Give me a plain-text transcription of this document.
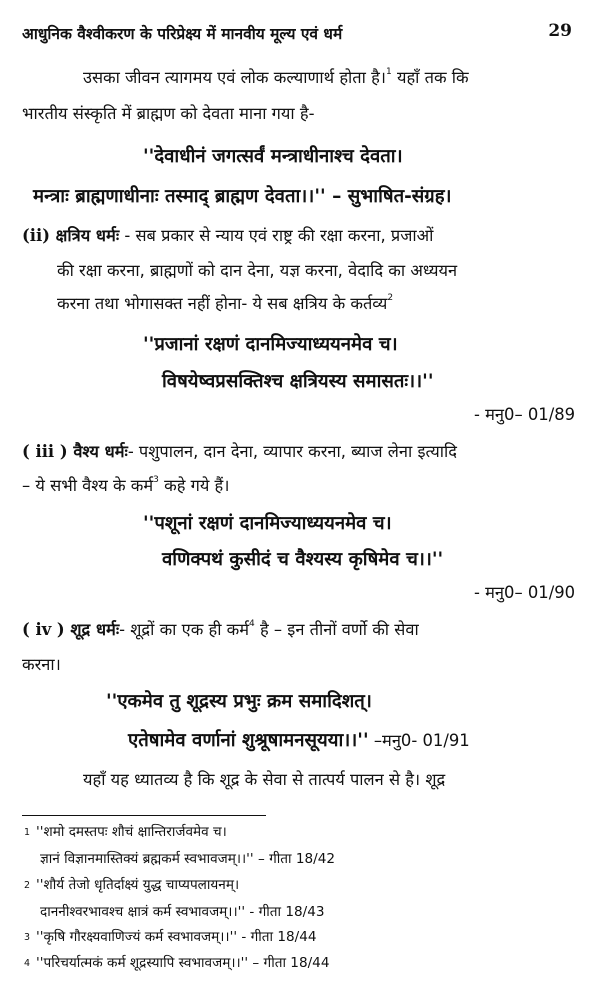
आधुनिक वैश्वीकरण के परिप्रेक्ष्य में मानवीय मूल्य एवं धर्म	29
उसका जीवन त्यागमय एवं लोक कल्याणार्थ होता है।$^1$ यहाँ तक कि
भारतीय संस्कृति में ब्राह्मण को देवता माना गया है-
''देवाधीनं जगत्सर्वं मन्त्राधीनाश्च देवता।
मन्त्राः ब्राह्मणाधीनाः तस्माद् ब्राह्मण देवता।।'' – सुभाषित-संग्रह।
(ii) क्षत्रिय धर्मः - सब प्रकार से न्याय एवं राष्ट्र की रक्षा करना, प्रजाओं
की रक्षा करना, ब्राह्मणों को दान देना, यज्ञ करना, वेदादि का अध्ययन
करना तथा भोगासक्त नहीं होना- ये सब क्षत्रिय के कर्तव्य$^2$
''प्रजानां रक्षणं दानमिज्याध्ययनमेव च।
विषयेष्वप्रसक्तिश्च क्षत्रियस्य समासतः।।''
- मनु0– 01/89
( iii ) वैश्य धर्मः- पशुपालन, दान देना, व्यापार करना, ब्याज लेना इत्यादि
– ये सभी वैश्य के कर्म$^3$ कहे गये हैं।
''पशूनां रक्षणं दानमिज्याध्ययनमेव च।
वणिक्पथं कुसीदं च वैश्यस्य कृषिमेव च।।''
- मनु0– 01/90
( iv ) शूद्र धर्मः- शूद्रों का एक ही कर्म$^4$ है – इन तीनों वर्णो की सेवा
करना।
''एकमेव तु शूद्रस्य प्रभुः क्रम समादिशत्।
एतेषामेव वर्णानां शुश्रूषामनसूयया।।'' –मनु0- 01/91
यहाँ यह ध्यातव्य है कि शूद्र के सेवा से तात्पर्य पालन से है। शूद्र
1 ''शमो दमस्तपः शौचं क्षान्तिरार्जवमेव च।
ज्ञानं विज्ञानमास्तिक्यं ब्रह्मकर्म स्वभावजम्।।'' – गीता 18/42
2 ''शौर्य तेजो धृतिर्दाक्ष्यं युद्ध चाप्यपलायनम्।
दाननीश्वरभावश्च क्षात्रं कर्म स्वभावजम्।।'' - गीता 18/43
3 ''कृषि गौरक्ष्यवाणिज्यं कर्म स्वभावजम्।।'' - गीता 18/44
4 ''परिचर्यात्मकं कर्म शूद्रस्यापि स्वभावजम्।।'' – गीता 18/44
